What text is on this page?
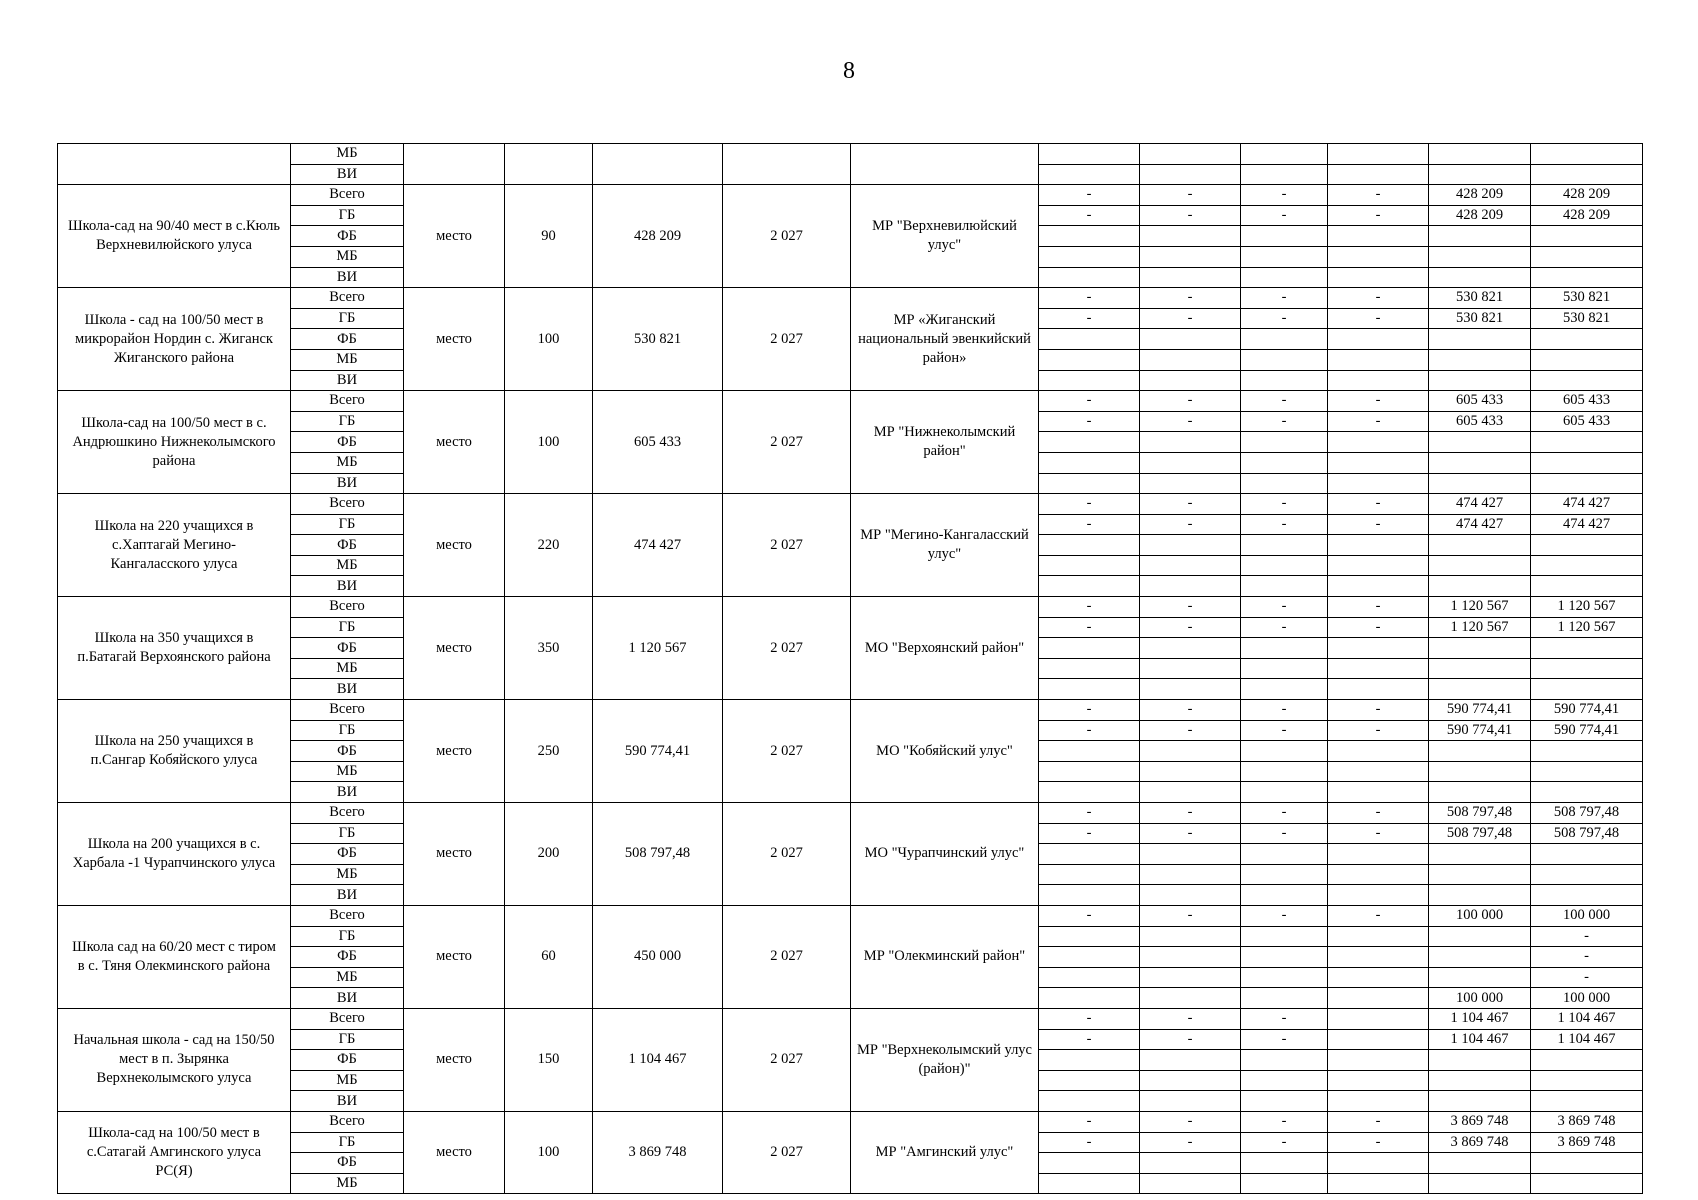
8
	МБ											
	ВИ											
Школа-сад на 90/40 мест в с.Кюль Верхневилюйского улуса	Всего	место	90	428 209	2 027	МР "Верхневилюйский улус"	-	-	-	-	428 209	428 209
	ГБ						-	-	-	-	428 209	428 209
	ФБ											
	МБ											
	ВИ											
Школа - сад на 100/50 мест в микрорайон Нордин с. Жиганск Жиганского района	Всего	место	100	530 821	2 027	МР «Жиганский национальный эвенкийский район»	-	-	-	-	530 821	530 821
	ГБ						-	-	-	-	530 821	530 821
	ФБ											
	МБ											
	ВИ											
Школа-сад на 100/50 мест в с. Андрюшкино Нижнеколымского района	Всего	место	100	605 433	2 027	МР "Нижнеколымский район"	-	-	-	-	605 433	605 433
	ГБ						-	-	-	-	605 433	605 433
	ФБ											
	МБ											
	ВИ											
Школа на 220 учащихся в с.Хаптагай Мегино-Кангаласского улуса	Всего	место	220	474 427	2 027	МР "Мегино-Кангаласский улус"	-	-	-	-	474 427	474 427
	ГБ						-	-	-	-	474 427	474 427
	ФБ											
	МБ											
	ВИ											
Школа на 350 учащихся в п.Батагай Верхоянского района	Всего	место	350	1 120 567	2 027	МО "Верхоянский район"	-	-	-	-	1 120 567	1 120 567
	ГБ						-	-	-	-	1 120 567	1 120 567
	ФБ											
	МБ											
	ВИ											
Школа на 250 учащихся в п.Сангар Кобяйского улуса	Всего	место	250	590 774,41	2 027	МО "Кобяйский улус"	-	-	-	-	590 774,41	590 774,41
	ГБ						-	-	-	-	590 774,41	590 774,41
	ФБ											
	МБ											
	ВИ											
Школа на 200 учащихся в с. Харбала -1 Чурапчинского улуса	Всего	место	200	508 797,48	2 027	МО "Чурапчинский улус"	-	-	-	-	508 797,48	508 797,48
	ГБ						-	-	-	-	508 797,48	508 797,48
	ФБ											
	МБ											
	ВИ											
Школа сад на 60/20 мест с тиром в с. Тяня Олекминского района	Всего	место	60	450 000	2 027	МР "Олекминский район"	-	-	-	-	100 000	100 000
	ГБ											-
	ФБ											-
	МБ											-
	ВИ										100 000	100 000
Начальная школа - сад на 150/50 мест в п. Зырянка Верхнеколымского улуса	Всего	место	150	1 104 467	2 027	МР "Верхнеколымский улус (район)"	-	-	-		1 104 467	1 104 467
	ГБ						-	-	-		1 104 467	1 104 467
	ФБ											
	МБ											
	ВИ											
Школа-сад на 100/50 мест в с.Сатагай Амгинского улуса РС(Я)	Всего	место	100	3 869 748	2 027	МР "Амгинский улус"	-	-	-	-	3 869 748	3 869 748
	ГБ						-	-	-	-	3 869 748	3 869 748
	ФБ											
	МБ											
